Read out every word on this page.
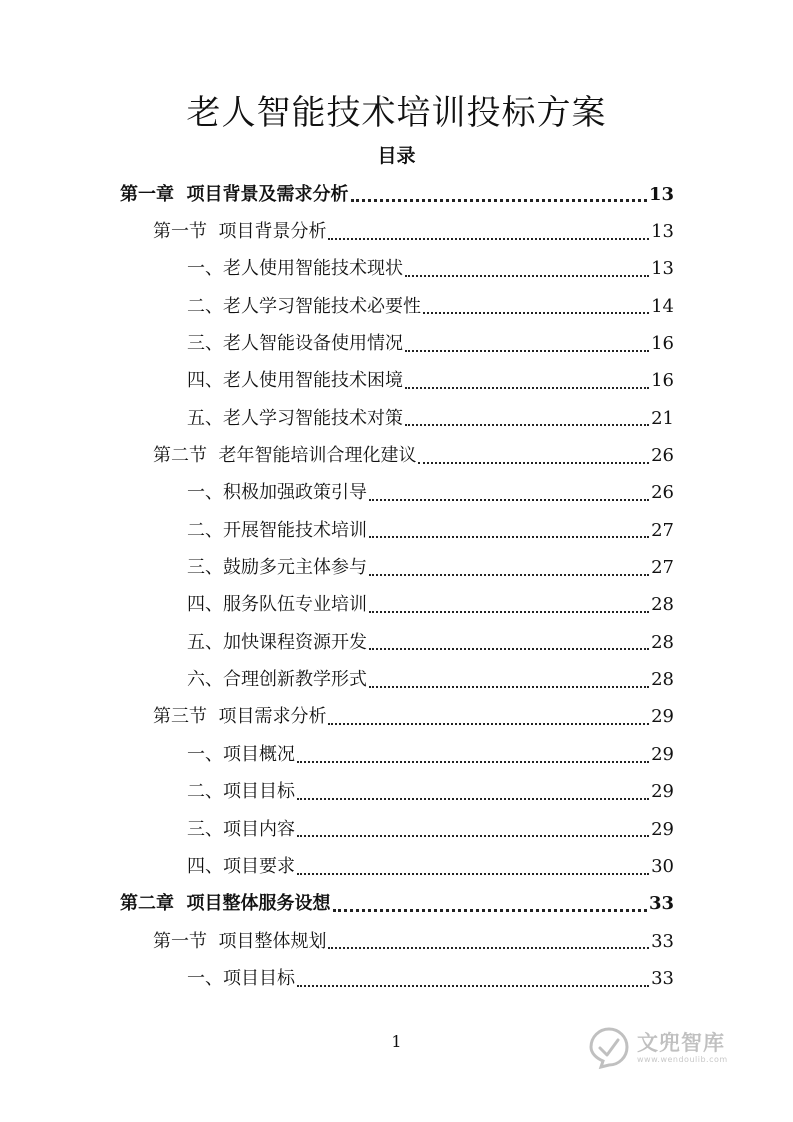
老人智能技术培训投标方案
目录
第一章  项目背景及需求分析	13
第一节  项目背景分析	13
一、老人使用智能技术现状	13
二、老人学习智能技术必要性	14
三、老人智能设备使用情况	16
四、老人使用智能技术困境	16
五、老人学习智能技术对策	21
第二节  老年智能培训合理化建议	26
一、积极加强政策引导	26
二、开展智能技术培训	27
三、鼓励多元主体参与	27
四、服务队伍专业培训	28
五、加快课程资源开发	28
六、合理创新教学形式	28
第三节  项目需求分析	29
一、项目概况	29
二、项目目标	29
三、项目内容	29
四、项目要求	30
第二章  项目整体服务设想	33
第一节  项目整体规划	33
一、项目目标	33
1	文兜智库
www.wendoulib.com
